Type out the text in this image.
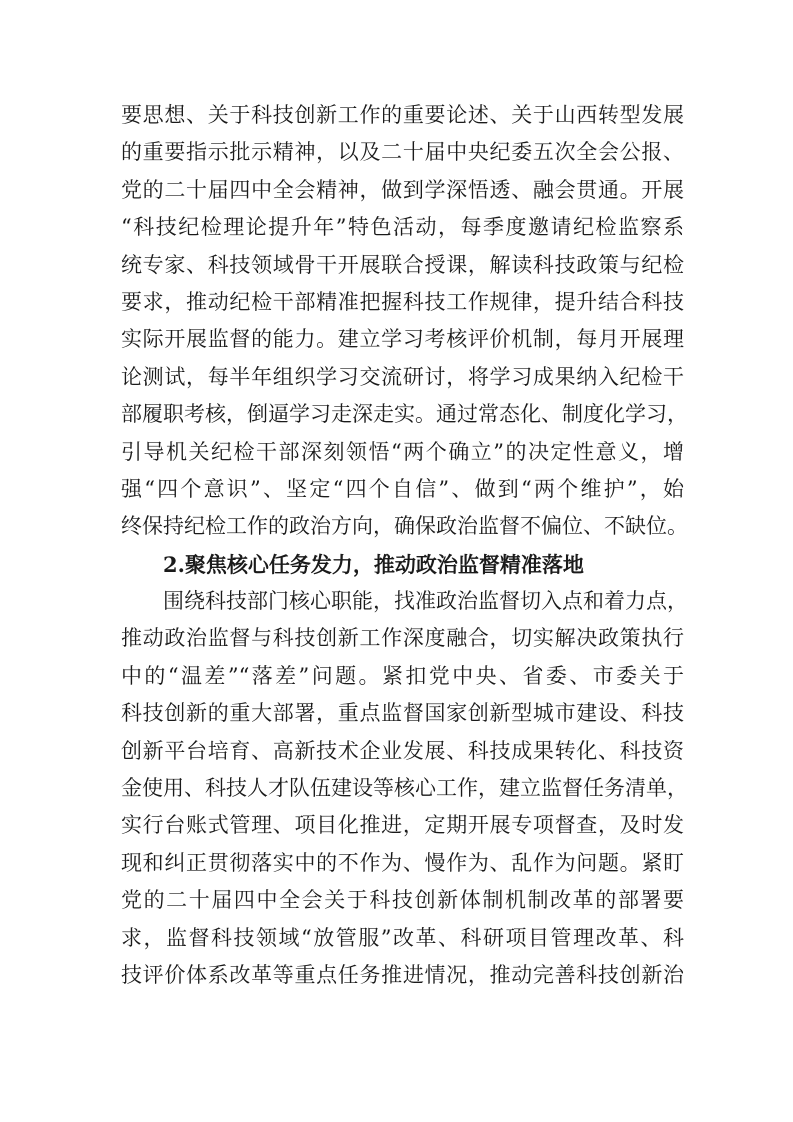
要思想、关于科技创新工作的重要论述、关于山西转型发展
的重要指示批示精神，以及二十届中央纪委五次全会公报、
党的二十届四中全会精神，做到学深悟透、融会贯通。开展
“科技纪检理论提升年”特色活动，每季度邀请纪检监察系
统专家、科技领域骨干开展联合授课，解读科技政策与纪检
要求，推动纪检干部精准把握科技工作规律，提升结合科技
实际开展监督的能力。建立学习考核评价机制，每月开展理
论测试，每半年组织学习交流研讨，将学习成果纳入纪检干
部履职考核，倒逼学习走深走实。通过常态化、制度化学习，
引导机关纪检干部深刻领悟“两个确立”的决定性意义，增
强“四个意识”、坚定“四个自信”、做到“两个维护”，始
终保持纪检工作的政治方向，确保政治监督不偏位、不缺位。
2.聚焦核心任务发力，推动政治监督精准落地
围绕科技部门核心职能，找准政治监督切入点和着力点，
推动政治监督与科技创新工作深度融合，切实解决政策执行
中的“温差”“落差”问题。紧扣党中央、省委、市委关于
科技创新的重大部署，重点监督国家创新型城市建设、科技
创新平台培育、高新技术企业发展、科技成果转化、科技资
金使用、科技人才队伍建设等核心工作，建立监督任务清单，
实行台账式管理、项目化推进，定期开展专项督查，及时发
现和纠正贯彻落实中的不作为、慢作为、乱作为问题。紧盯
党的二十届四中全会关于科技创新体制机制改革的部署要
求，监督科技领域“放管服”改革、科研项目管理改革、科
技评价体系改革等重点任务推进情况，推动完善科技创新治
